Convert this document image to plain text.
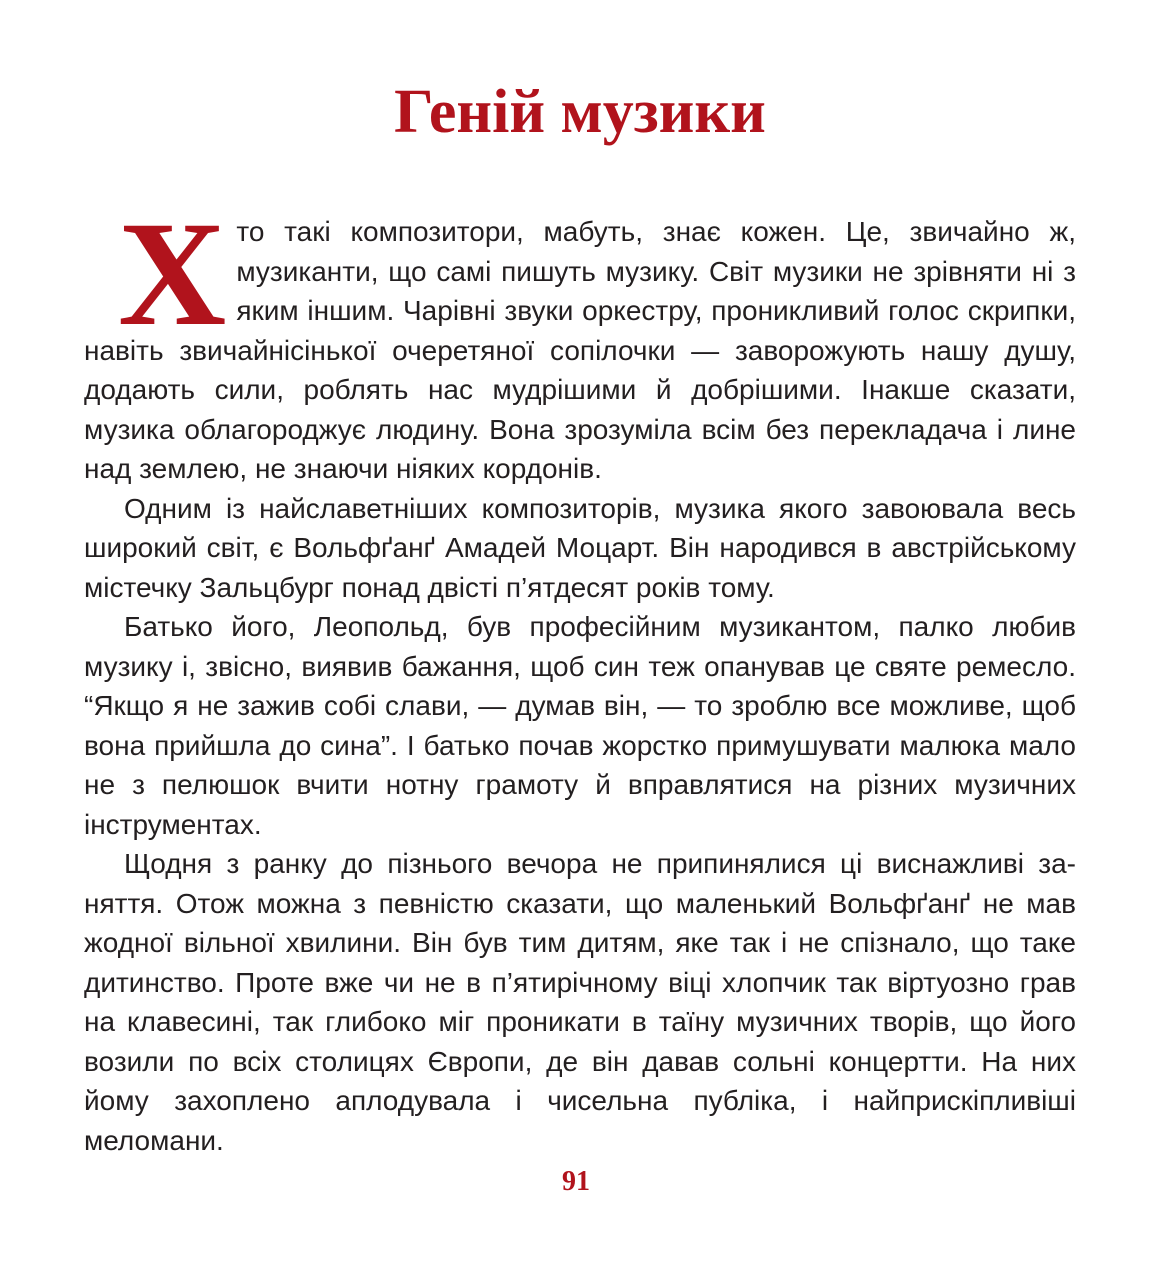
Геній музики

Хто такі композитори, мабуть, знає кожен. Це, звичайно ж, музиканти, що самі пишуть музику. Світ музики не зрівняти ні з яким іншим. Чарівні звуки оркестру, проникливий голос скрипки, навіть звичайнісінької очеретяної сопілочки — заворожують нашу душу, додають сили, роблять нас мудрішими й добрішими. Інакше сказати, музика облагороджує людину. Вона зрозуміла всім без перекладача і лине над землею, не знаючи ніяких кордонів.

Одним із найславетніших композиторів, музика якого завоювала весь широкий світ, є Вольфґанґ Амадей Моцарт. Він народився в австрійському містечку Зальцбург понад двісті п’ятдесят років тому.

Батько його, Леопольд, був професійним музикантом, палко любив музику і, звісно, виявив бажання, щоб син теж опанував це святе ремесло. “Якщо я не зажив собі слави, — думав він, — то зроблю все можливе, щоб вона прийшла до сина”. І батько почав жорстко примушувати малюка мало не з пелюшок вчити нотну грамоту й вправлятися на різних музичних інструментах.

Щодня з ранку до пізнього вечора не припинялися ці виснажливі заняття. Отож можна з певністю сказати, що маленький Вольфґанґ не мав жодної вільної хвилини. Він був тим дитям, яке так і не спізнало, що таке дитинство. Проте вже чи не в п’ятирічному віці хлопчик так віртуозно грав на клавесині, так глибоко міг проникати в таїну музичних творів, що його возили по всіх столицях Європи, де він давав сольні концертти. На них йому захоплено аплодувала і чисельна публіка, і найприскіпливіші меломани.

91
